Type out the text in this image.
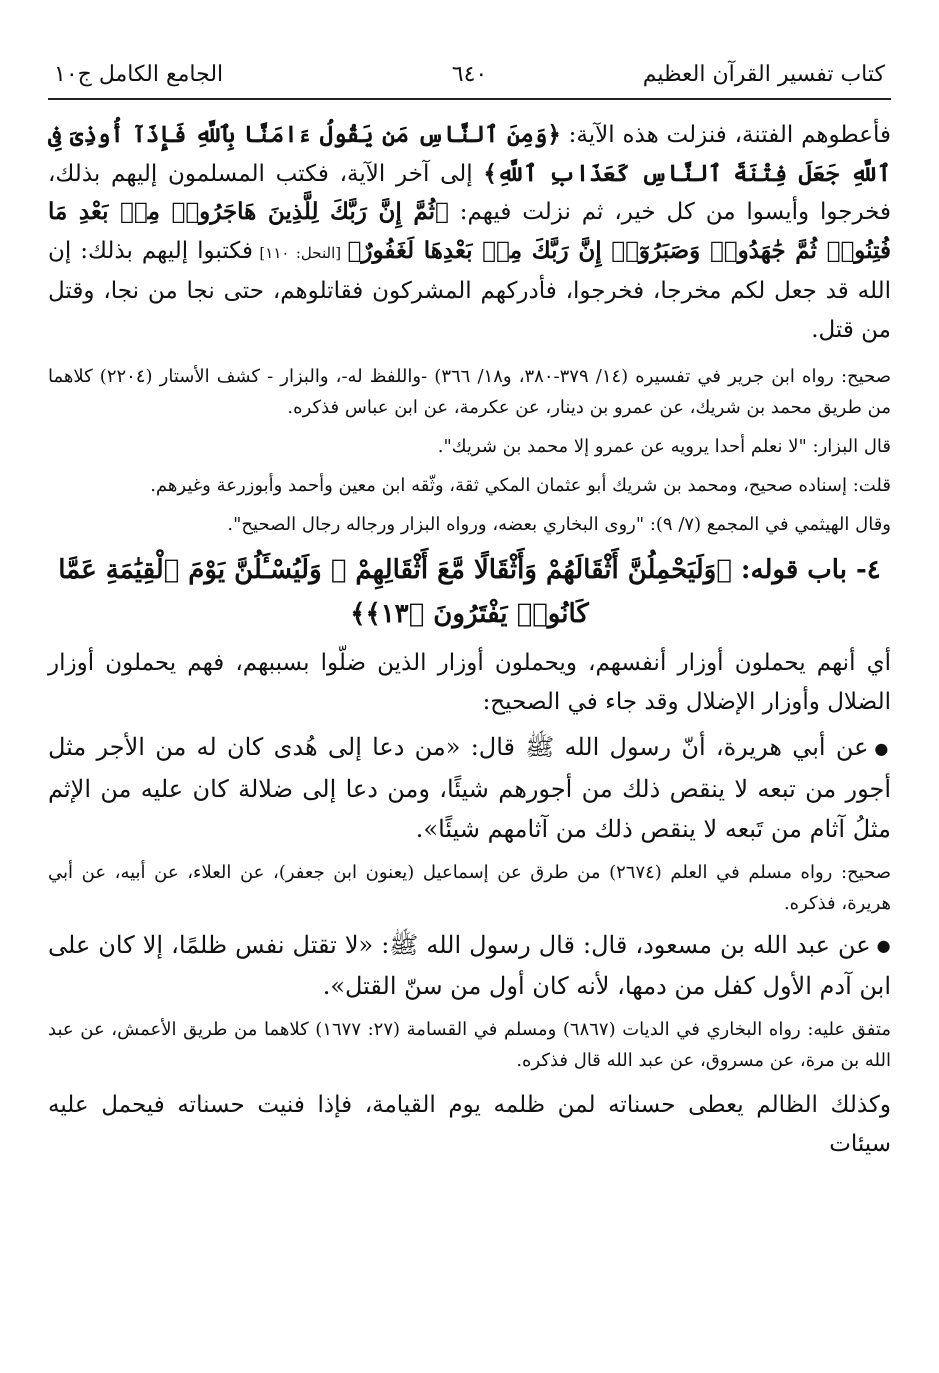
كتاب تفسير القرآن العظيم
٦٤٠
الجامع الكامل ج١٠

فأعطوهم الفتنة، فنزلت هذه الآية: ﴿وَمِنَ ٱلنَّاسِ مَن يَقُولُ ءَامَنَّا بِٱللَّهِ فَإِذَآ أُوذِىَ فِى ٱللَّهِ جَعَلَ فِتْنَةَ ٱلنَّاسِ كَعَذَابِ ٱللَّهِ﴾ إلى آخر الآية، فكتب المسلمون إليهم بذلك، فخرجوا وأيسوا من كل خير، ثم نزلت فيهم: ﴿ثُمَّ إِنَّ رَبَّكَ لِلَّذِينَ هَاجَرُوا۟ مِنۢ بَعْدِ مَا فُتِنُوا۟ ثُمَّ جَٰهَدُوا۟ وَصَبَرُوٓا۟ إِنَّ رَبَّكَ مِنۢ بَعْدِهَا لَغَفُورٌ﴾ [النحل: ١١٠] فكتبوا إليهم بذلك: إن الله قد جعل لكم مخرجا، فخرجوا، فأدركهم المشركون فقاتلوهم، حتى نجا من نجا، وقتل من قتل.

صحيح: رواه ابن جرير في تفسيره (١٤/ ٣٧٩-٣٨٠، و١٨/ ٣٦٦) -واللفظ له-، والبزار - كشف الأستار (٢٢٠٤) كلاهما من طريق محمد بن شريك، عن عمرو بن دينار، عن عكرمة، عن ابن عباس فذكره.

قال البزار: "لا نعلم أحدا يرويه عن عمرو إلا محمد بن شريك".

قلت: إسناده صحيح، ومحمد بن شريك أبو عثمان المكي ثقة، وثّقه ابن معين وأحمد وأبوزرعة وغيرهم.

وقال الهيثمي في المجمع (٧/ ٩): "روى البخاري بعضه، ورواه البزار ورجاله رجال الصحيح".

٤- باب قوله: ﴿وَلَيَحْمِلُنَّ أَثْقَالَهُمْ وَأَثْقَالًا مَّعَ أَثْقَالِهِمْ ۖ وَلَيُسْـَٔلُنَّ يَوْمَ ٱلْقِيَٰمَةِ عَمَّا كَانُوا۟ يَفْتَرُونَ ﴿١٣﴾﴾

أي أنهم يحملون أوزار أنفسهم، ويحملون أوزار الذين ضلّوا بسببهم، فهم يحملون أوزار الضلال وأوزار الإضلال وقد جاء في الصحيح:

●عن أبي هريرة، أنّ رسول الله ﷺ قال: «من دعا إلى هُدى كان له من الأجر مثل أجور من تبعه لا ينقص ذلك من أجورهم شيئًا، ومن دعا إلى ضلالة كان عليه من الإثم مثلُ آثام من تَبعه لا ينقص ذلك من آثامهم شيئًا».

صحيح: رواه مسلم في العلم (٢٦٧٤) من طرق عن إسماعيل (يعنون ابن جعفر)، عن العلاء، عن أبيه، عن أبي هريرة، فذكره.

●عن عبد الله بن مسعود، قال: قال رسول الله ﷺ: «لا تقتل نفس ظلمًا، إلا كان على ابن آدم الأول كفل من دمها، لأنه كان أول من سنّ القتل».

متفق عليه: رواه البخاري في الديات (٦٨٦٧) ومسلم في القسامة (٢٧: ١٦٧٧) كلاهما من طريق الأعمش، عن عبد الله بن مرة، عن مسروق، عن عبد الله قال فذكره.

وكذلك الظالم يعطى حسناته لمن ظلمه يوم القيامة، فإذا فنيت حسناته فيحمل عليه سيئات
